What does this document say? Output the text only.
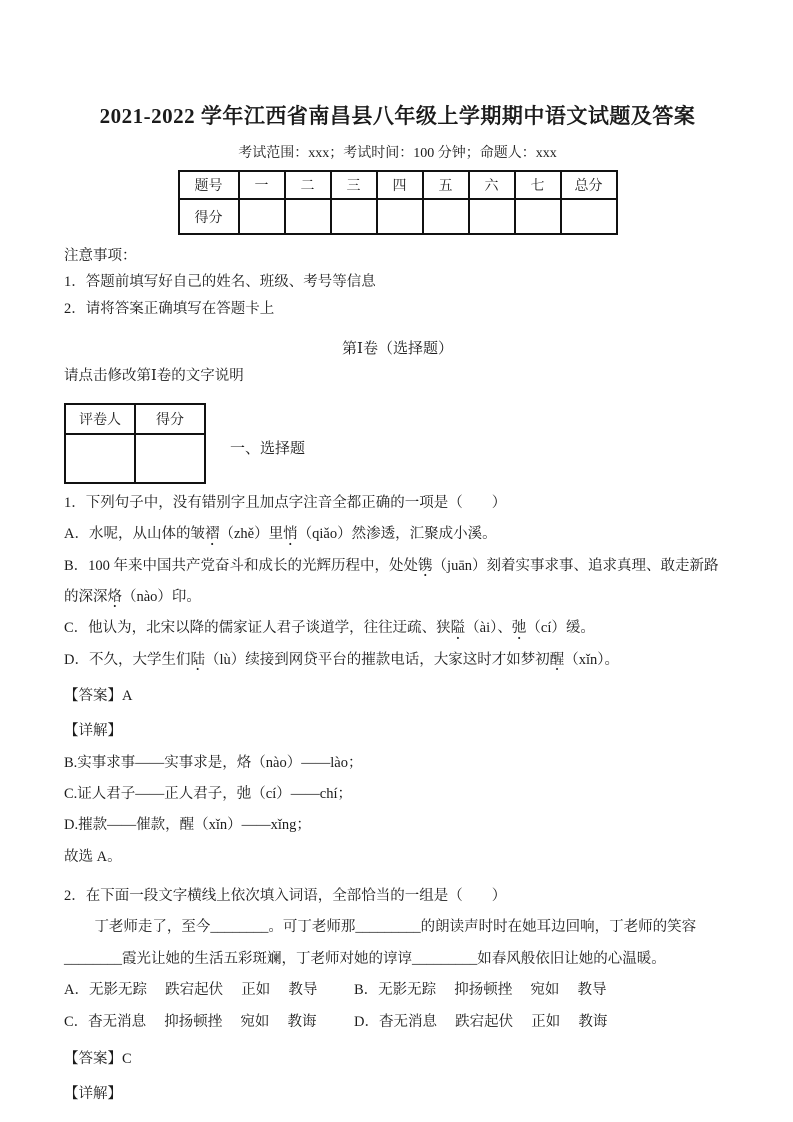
2021-2022 学年江西省南昌县八年级上学期期中语文试题及答案

考试范围：xxx；考试时间：100 分钟；命题人：xxx

题号	一	二	三	四	五	六	七	总分
得分								

注意事项：

1．答题前填写好自己的姓名、班级、考号等信息

2．请将答案正确填写在答题卡上

第Ⅰ卷（选择题）

请点击修改第Ⅰ卷的文字说明

评卷人	得分

一、选择题

1．下列句子中，没有错别字且加点字注音全都正确的一项是（　　）

A．水呢，从山体的皱褶（zhě）里悄（qiǎo）然渗透，汇聚成小溪。

B．100 年来中国共产党奋斗和成长的光辉历程中，处处镌（juān）刻着实事求事、追求真理、敢走新路的深深烙（nào）印。

C．他认为，北宋以降的儒家证人君子谈道学，往往迂疏、狭隘（ài）、弛（cí）缓。

D．不久，大学生们陆（lù）续接到网贷平台的摧款电话，大家这时才如梦初醒（xǐn）。

【答案】A

【详解】

B.实事求事——实事求是，烙（nào）——lào；

C.证人君子——正人君子，弛（cí）——chí；

D.摧款——催款，醒（xǐn）——xǐng；

故选 A。

2．在下面一段文字横线上依次填入词语，全部恰当的一组是（　　）

丁老师走了，至今________。可丁老师那_________的朗读声时时在她耳边回响，丁老师的笑容

________霞光让她的生活五彩斑斓，丁老师对她的谆谆_________如春风般依旧让她的心温暖。

A．无影无踪　 跌宕起伏　 正如　 教导	B．无影无踪　 抑扬顿挫　 宛如　 教导
C．杳无消息　 抑扬顿挫　 宛如　 教诲	D．杳无消息　 跌宕起伏　 正如　 教诲

【答案】C

【详解】
